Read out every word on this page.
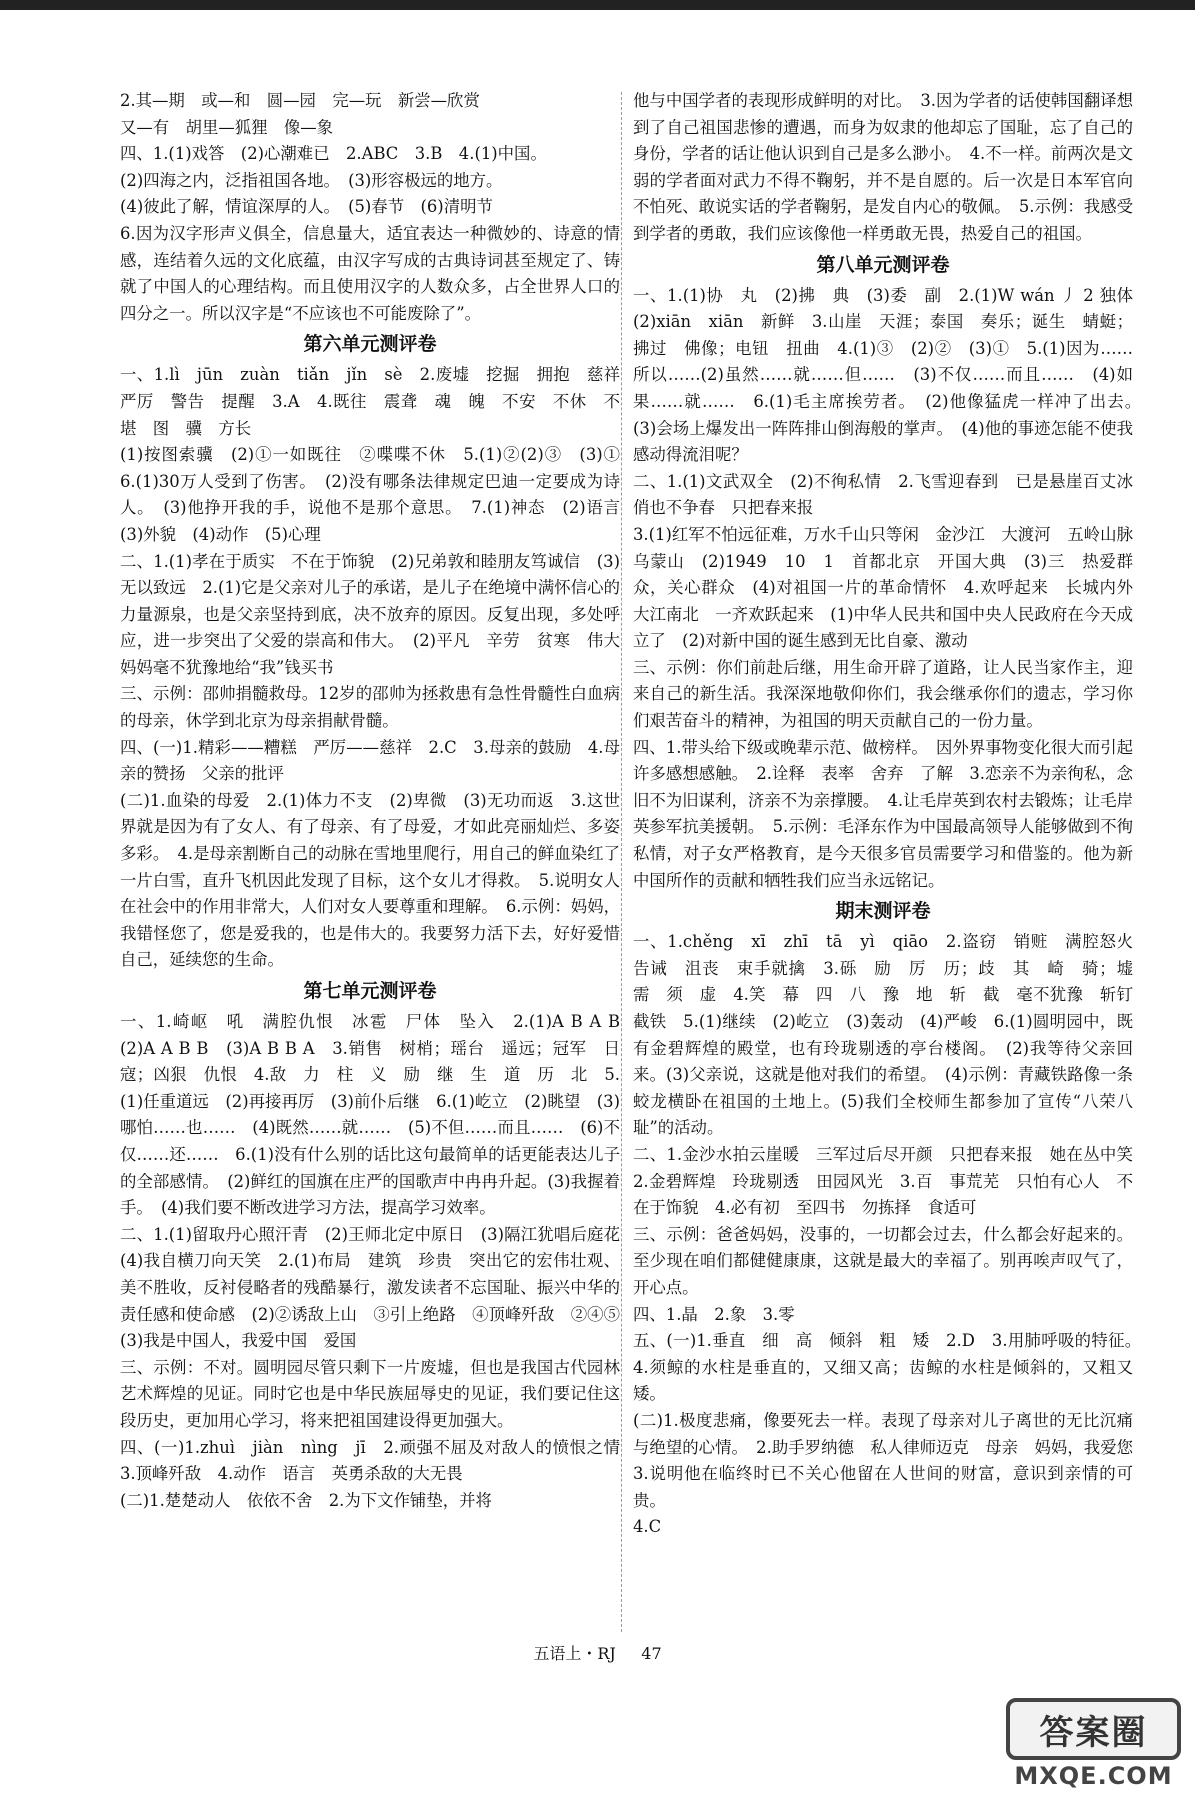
2.其—期　或—和　圆—园　完—玩　新尝—欣赏

又—有　胡里—狐狸　像—象

四、1.(1)戏答　(2)心潮难已　2.ABC　3.B　4.(1)中国。

(2)四海之内，泛指祖国各地。　(3)形容极远的地方。

(4)彼此了解，情谊深厚的人。　(5)春节　(6)清明节

6.因为汉字形声义俱全，信息量大，适宜表达一种微妙的、诗意的情感，连结着久远的文化底蕴，由汉字写成的古典诗词甚至规定了、铸就了中国人的心理结构。而且使用汉字的人数众多，占全世界人口的四分之一。所以汉字是“不应该也不可能废除了”。

第六单元测评卷

一、1.lì　jūn　zuàn　tiǎn　jǐn　sè　2.废墟　挖掘　拥抱　慈祥　严厉　警告　提醒　3.A　4.既往　震聋　魂　魄　不安　不休　不堪　图　骥　方长

(1)按图索骥　(2)①一如既往　②喋喋不休　5.(1)②(2)③　(3)①　6.(1)30万人受到了伤害。　(2)没有哪条法律规定巴迪一定要成为诗人。　(3)他挣开我的手，说他不是那个意思。　7.(1)神态　(2)语言(3)外貌　(4)动作　(5)心理

二、1.(1)孝在于质实　不在于饰貌　(2)兄弟敦和睦朋友笃诚信　(3)无以致远　2.(1)它是父亲对儿子的承诺，是儿子在绝境中满怀信心的力量源泉，也是父亲坚持到底，决不放弃的原因。反复出现，多处呼应，进一步突出了父爱的崇高和伟大。　(2)平凡　辛劳　贫寒　伟大　妈妈毫不犹豫地给“我”钱买书

三、示例：邵帅捐髓救母。12岁的邵帅为拯救患有急性骨髓性白血病的母亲，休学到北京为母亲捐献骨髓。

四、(一)1.精彩——糟糕　严厉——慈祥　2.C　3.母亲的鼓励　4.母亲的赞扬　父亲的批评

(二)1.血染的母爱　2.(1)体力不支　(2)卑微　(3)无功而返　3.这世界就是因为有了女人、有了母亲、有了母爱，才如此亮丽灿烂、多姿多彩。　4.是母亲割断自己的动脉在雪地里爬行，用自己的鲜血染红了一片白雪，直升飞机因此发现了目标，这个女儿才得救。　5.说明女人在社会中的作用非常大，人们对女人要尊重和理解。　6.示例：妈妈，我错怪您了，您是爱我的，也是伟大的。我要努力活下去，好好爱惜自己，延续您的生命。

第七单元测评卷

一、1.崎岖　吼　满腔仇恨　冰雹　尸体　坠入　2.(1)A B A B　(2)A A B B　(3)A B B A　3.销售　树梢；瑶台　遥远；冠军　日寇；凶狠　仇恨　4.敌　力　柱　义　励　继　生　道　历　北　5.(1)任重道远　(2)再接再厉　(3)前仆后继　6.(1)屹立　(2)眺望　(3)哪怕……也……　(4)既然……就……　(5)不但……而且……　(6)不仅……还……　6.(1)没有什么别的话比这句最简单的话更能表达儿子的全部感情。　(2)鲜红的国旗在庄严的国歌声中冉冉升起。(3)我握着手。　(4)我们要不断改进学习方法，提高学习效率。

二、1.(1)留取丹心照汗青　(2)王师北定中原日　(3)隔江犹唱后庭花　(4)我自横刀向天笑　2.(1)布局　建筑　珍贵　突出它的宏伟壮观、美不胜收，反衬侵略者的残酷暴行，激发读者不忘国耻、振兴中华的责任感和使命感　(2)②诱敌上山　③引上绝路　④顶峰歼敌　②④⑤　(3)我是中国人，我爱中国　爱国

三、示例：不对。圆明园尽管只剩下一片废墟，但也是我国古代园林艺术辉煌的见证。同时它也是中华民族屈辱史的见证，我们要记住这段历史，更加用心学习，将来把祖国建设得更加强大。

四、(一)1.zhuì　jiàn　nìng　jī　2.顽强不屈及对敌人的愤恨之情　3.顶峰歼敌　4.动作　语言　英勇杀敌的大无畏

(二)1.楚楚动人　依依不舍　2.为下文作铺垫，并将

他与中国学者的表现形成鲜明的对比。　3.因为学者的话使韩国翻译想到了自己祖国悲惨的遭遇，而身为奴隶的他却忘了国耻，忘了自己的身份，学者的话让他认识到自己是多么渺小。　4.不一样。前两次是文弱的学者面对武力不得不鞠躬，并不是自愿的。后一次是日本军官向不怕死、敢说实话的学者鞠躬，是发自内心的敬佩。　5.示例：我感受到学者的勇敢，我们应该像他一样勇敢无畏，热爱自己的祖国。

第八单元测评卷

一、1.(1)协　丸　(2)拂　典　(3)委　副　2.(1)W wán 丿 2 独体　(2)xiān　xiān　新鲜　3.山崖　天涯；泰国　奏乐；诞生　蜻蜓；拂过　佛像；电钮　扭曲　4.(1)③　(2)②　(3)①　5.(1)因为……所以……(2)虽然……就……但……　(3)不仅……而且……　(4)如果……就……　6.(1)毛主席挨劳者。　(2)他像猛虎一样冲了出去。　(3)会场上爆发出一阵阵排山倒海般的掌声。　(4)他的事迹怎能不使我感动得流泪呢？

二、1.(1)文武双全　(2)不徇私情　2.飞雪迎春到　已是悬崖百丈冰　俏也不争春　只把春来报

3.(1)红军不怕远征难，万水千山只等闲　金沙江　大渡河　五岭山脉　乌蒙山　(2)1949　10　1　首都北京　开国大典　(3)三　热爱群众，关心群众　(4)对祖国一片的革命情怀　4.欢呼起来　长城内外　大江南北　一齐欢跃起来　(1)中华人民共和国中央人民政府在今天成立了　(2)对新中国的诞生感到无比自豪、激动

三、示例：你们前赴后继，用生命开辟了道路，让人民当家作主，迎来自己的新生活。我深深地敬仰你们，我会继承你们的遗志，学习你们艰苦奋斗的精神，为祖国的明天贡献自己的一份力量。

四、1.带头给下级或晚辈示范、做榜样。　因外界事物变化很大而引起许多感想感触。　2.诠释　表率　舍弃　了解　3.恋亲不为亲徇私，念旧不为旧谋利，济亲不为亲撑腰。　4.让毛岸英到农村去锻炼；让毛岸英参军抗美援朝。　5.示例：毛泽东作为中国最高领导人能够做到不徇私情，对子女严格教育，是今天很多官员需要学习和借鉴的。他为新中国所作的贡献和牺牲我们应当永远铭记。

期末测评卷

一、1.chěng　xī　zhī　tā　yì　qiāo　2.盗窃　销赃　满腔怒火　告诫　沮丧　束手就擒　3.砾　励　厉　历；歧　其　崎　骑；墟　需　须　虚　4.笑　幕　四　八　豫　地　斩　截　毫不犹豫　斩钉截铁　5.(1)继续　(2)屹立　(3)轰动　(4)严峻　6.(1)圆明园中，既有金碧辉煌的殿堂，也有玲珑剔透的亭台楼阁。　(2)我等待父亲回来。(3)父亲说，这就是他对我们的希望。　(4)示例：青藏铁路像一条蛟龙横卧在祖国的土地上。(5)我们全校师生都参加了宣传“八荣八耻”的活动。

二、1.金沙水拍云崖暖　三军过后尽开颜　只把春来报　她在丛中笑　2.金碧辉煌　玲珑剔透　田园风光　3.百　事荒芜　只怕有心人　不在于饰貌　4.必有初　至四书　勿拣择　食适可

三、示例：爸爸妈妈，没事的，一切都会过去，什么都会好起来的。至少现在咱们都健健康康，这就是最大的幸福了。别再唉声叹气了，开心点。

四、1.晶　2.象　3.零

五、(一)1.垂直　细　高　倾斜　粗　矮　2.D　3.用肺呼吸的特征。　4.须鲸的水柱是垂直的，又细又高；齿鲸的水柱是倾斜的，又粗又矮。

(二)1.极度悲痛，像要死去一样。表现了母亲对儿子离世的无比沉痛与绝望的心情。　2.助手罗纳德　私人律师迈克　母亲　妈妈，我爱您　3.说明他在临终时已不关心他留在人世间的财富，意识到亲情的可贵。

4.C

五语上・RJ 47
答案圈
MXQE.COM
